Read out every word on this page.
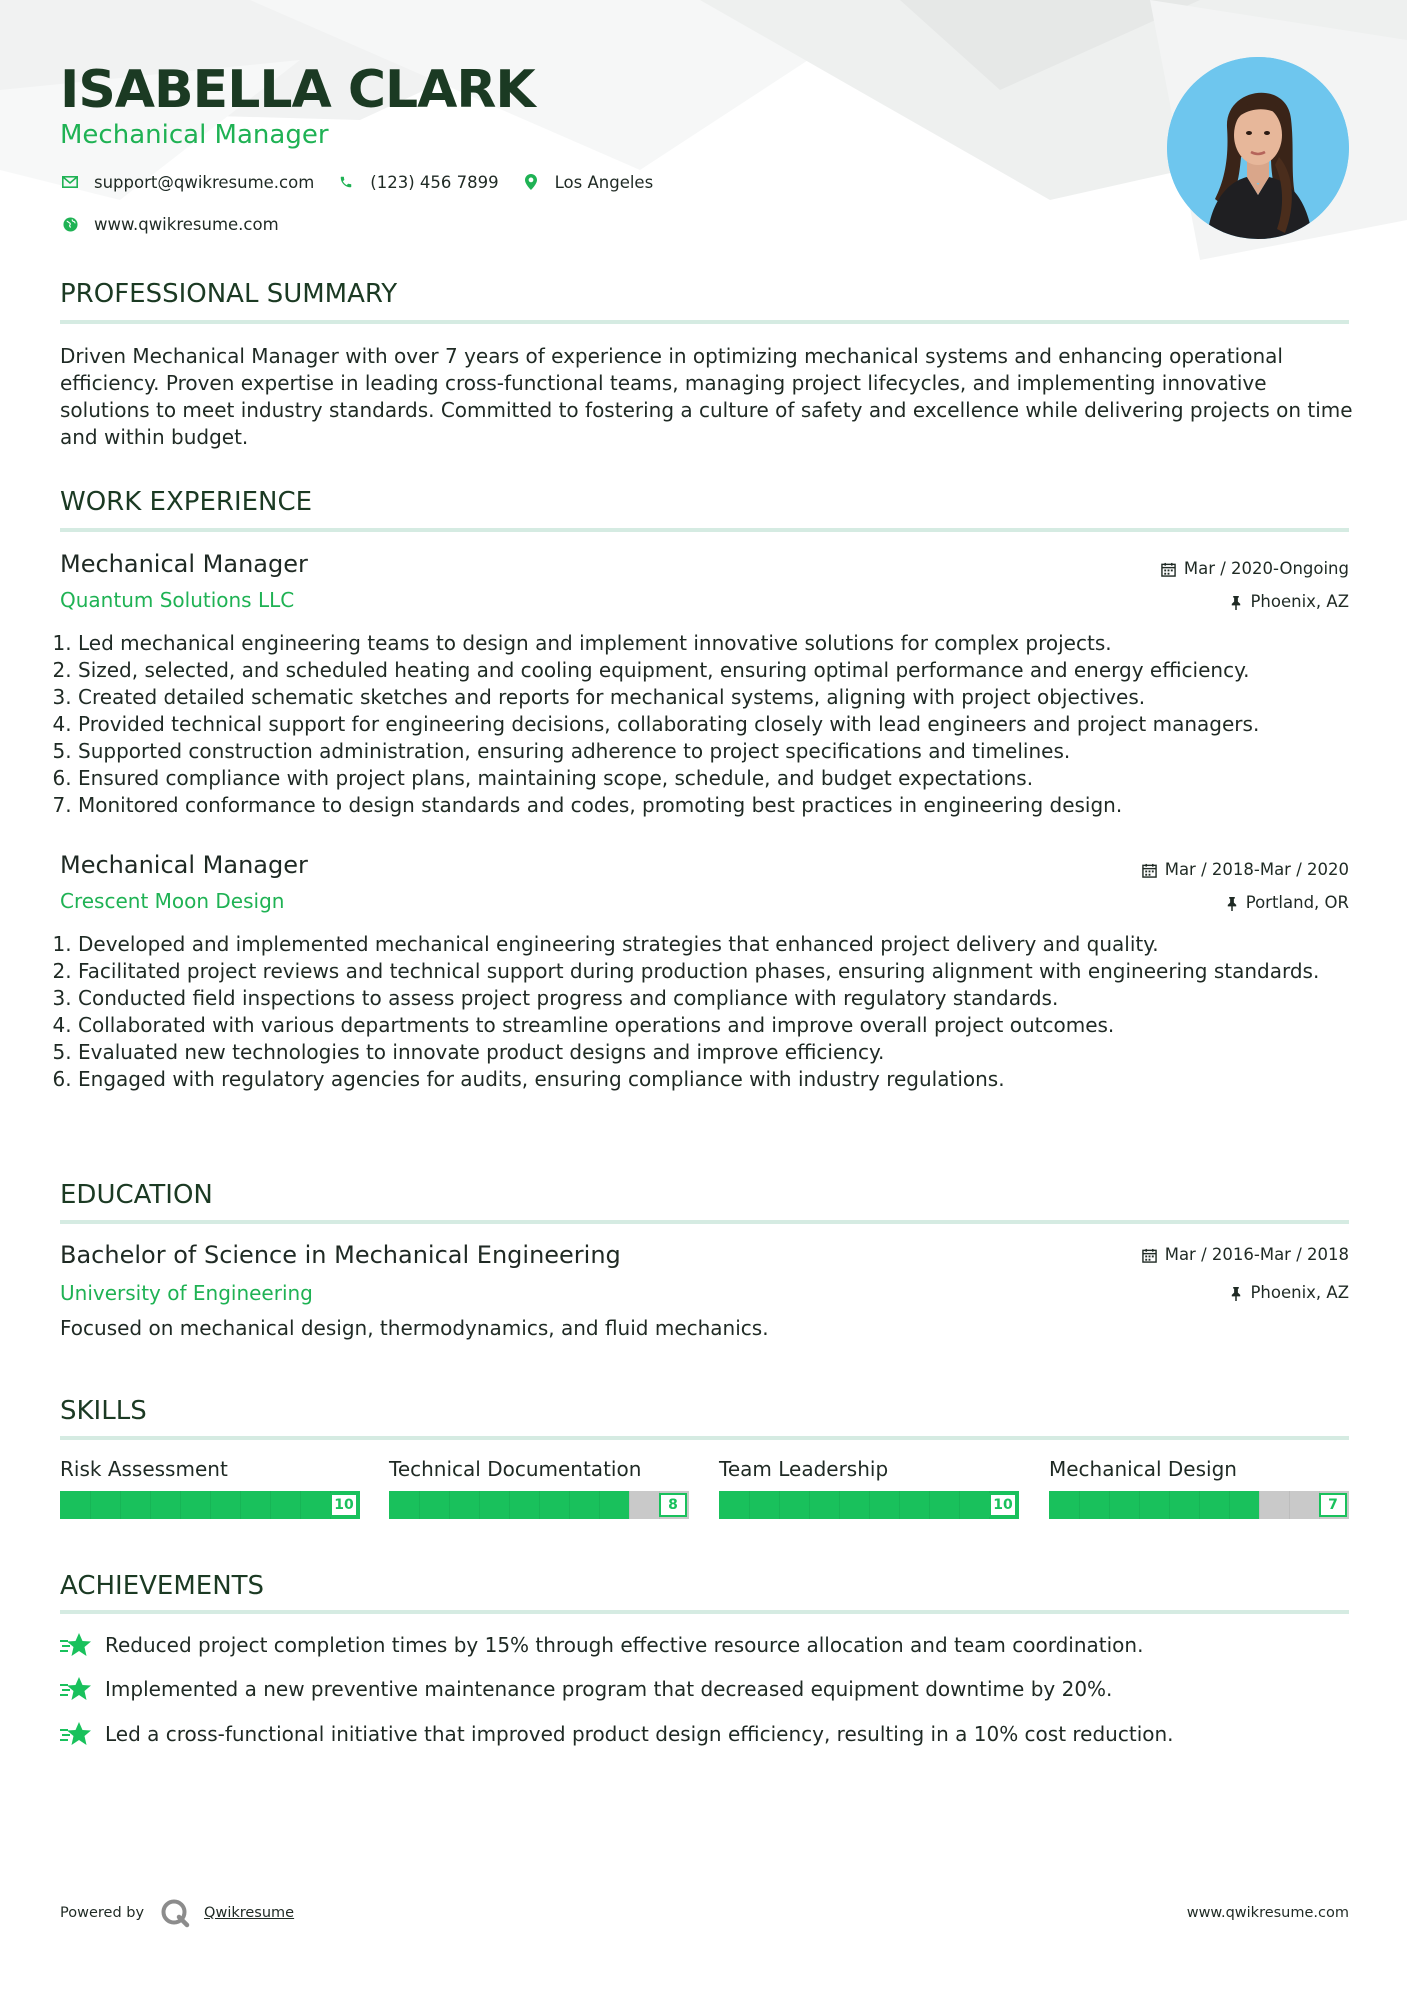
ISABELLA CLARK
Mechanical Manager
support@qwikresume.com	(123) 456 7899	Los Angeles
www.qwikresume.com
PROFESSIONAL SUMMARY
Driven Mechanical Manager with over 7 years of experience in optimizing mechanical systems and enhancing operational efficiency. Proven expertise in leading cross-functional teams, managing project lifecycles, and implementing innovative solutions to meet industry standards. Committed to fostering a culture of safety and excellence while delivering projects on time and within budget.
WORK EXPERIENCE
Mechanical Manager	Mar / 2020-Ongoing
Quantum Solutions LLC	Phoenix, AZ
1. Led mechanical engineering teams to design and implement innovative solutions for complex projects.
2. Sized, selected, and scheduled heating and cooling equipment, ensuring optimal performance and energy efficiency.
3. Created detailed schematic sketches and reports for mechanical systems, aligning with project objectives.
4. Provided technical support for engineering decisions, collaborating closely with lead engineers and project managers.
5. Supported construction administration, ensuring adherence to project specifications and timelines.
6. Ensured compliance with project plans, maintaining scope, schedule, and budget expectations.
7. Monitored conformance to design standards and codes, promoting best practices in engineering design.
Mechanical Manager	Mar / 2018-Mar / 2020
Crescent Moon Design	Portland, OR
1. Developed and implemented mechanical engineering strategies that enhanced project delivery and quality.
2. Facilitated project reviews and technical support during production phases, ensuring alignment with engineering standards.
3. Conducted field inspections to assess project progress and compliance with regulatory standards.
4. Collaborated with various departments to streamline operations and improve overall project outcomes.
5. Evaluated new technologies to innovate product designs and improve efficiency.
6. Engaged with regulatory agencies for audits, ensuring compliance with industry regulations.
EDUCATION
Bachelor of Science in Mechanical Engineering	Mar / 2016-Mar / 2018
University of Engineering	Phoenix, AZ
Focused on mechanical design, thermodynamics, and fluid mechanics.
SKILLS
Risk Assessment
10
Technical Documentation
8
Team Leadership
10
Mechanical Design
7
ACHIEVEMENTS
Reduced project completion times by 15% through effective resource allocation and team coordination.
Implemented a new preventive maintenance program that decreased equipment downtime by 20%.
Led a cross-functional initiative that improved product design efficiency, resulting in a 10% cost reduction.
Powered by	Qwikresume	www.qwikresume.com
